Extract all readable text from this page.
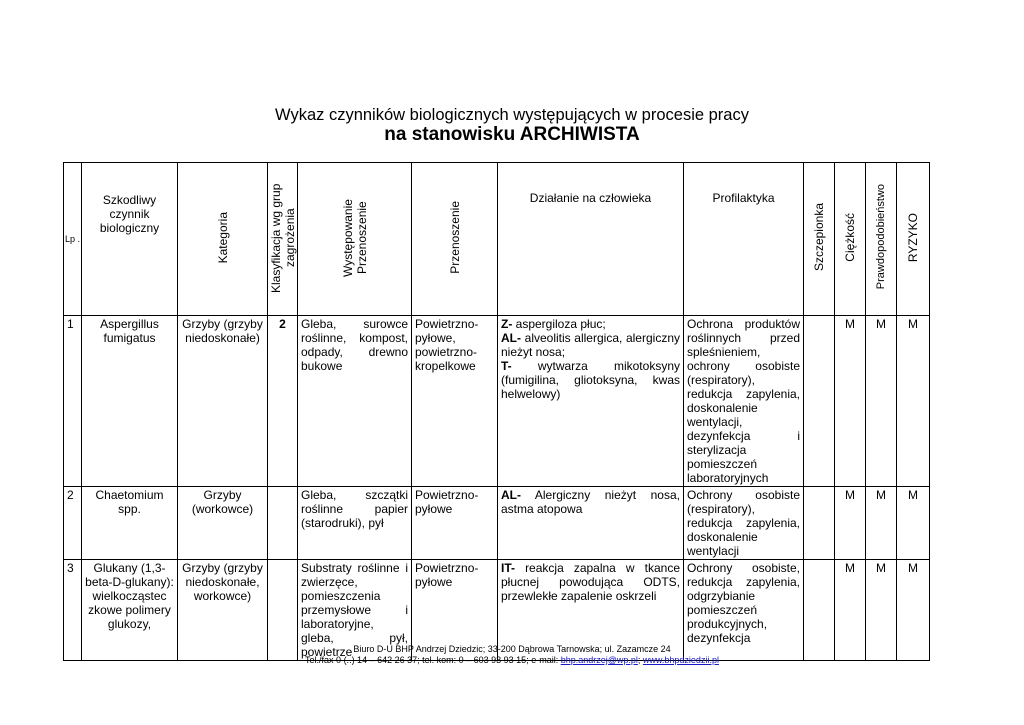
Wykaz czynników biologicznych występujących w procesie pracy
na stanowisku ARCHIWISTA
Lp .	Szkodliwy czynnik biologiczny	Kategoria	Klasyfikacja wg grup zagrożenia	Występowanie Przenoszenie	Przenoszenie	Działanie na człowieka	Profilaktyka	Szczepionka	Ciężkość	Prawdopodobieństwo	RYZYKO
1	Aspergillus fumigatus	Grzyby (grzyby niedoskonałe)	2	Gleba, surowce roślinne, kompost, odpady, drewno bukowe	Powietrzno-pyłowe, powietrzno-kropelkowe	Z- aspergiloza płuc;
AL- alveolitis allergica, alergiczny nieżyt nosa;
T- wytwarza mikotoksyny (fumigilina, gliotoksyna, kwas helwelowy)	Ochrona produktów roślinnych przed spleśnieniem, ochrony osobiste (respiratory), redukcja zapylenia, doskonalenie wentylacji, dezynfekcja i sterylizacja pomieszczeń laboratoryjnych		M	M	M
2	Chaetomium spp.	Grzyby (workowce)		Gleba, szczątki roślinne papier (starodruki), pył	Powietrzno-pyłowe	AL- Alergiczny nieżyt nosa, astma atopowa	Ochrony osobiste (respiratory), redukcja zapylenia, doskonalenie wentylacji		M	M	M
3	Glukany (1,3-beta-D-glukany): wielkocząstec zkowe polimery glukozy,	Grzyby (grzyby niedoskonałe, workowce)		Substraty roślinne i zwierzęce, pomieszczenia przemysłowe i laboratoryjne, gleba, pył, powietrze	Powietrzno-pyłowe	IT- reakcja zapalna w tkance płucnej powodująca ODTS, przewlekłe zapalenie oskrzeli	Ochrony osobiste, redukcja zapylenia, odgrzybianie pomieszczeń produkcyjnych, dezynfekcja		M	M	M
Biuro D-U BHP Andrzej Dziedzic; 33-200 Dąbrowa Tarnowska; ul. Zazamcze 24
Tel./fax 0 (..) 14 – 642 26 37; tel. kom: 0 – 603 93 93 15; e-mail: bhp.andrzej@wp.pl; www.bhpdziedzii.pl
